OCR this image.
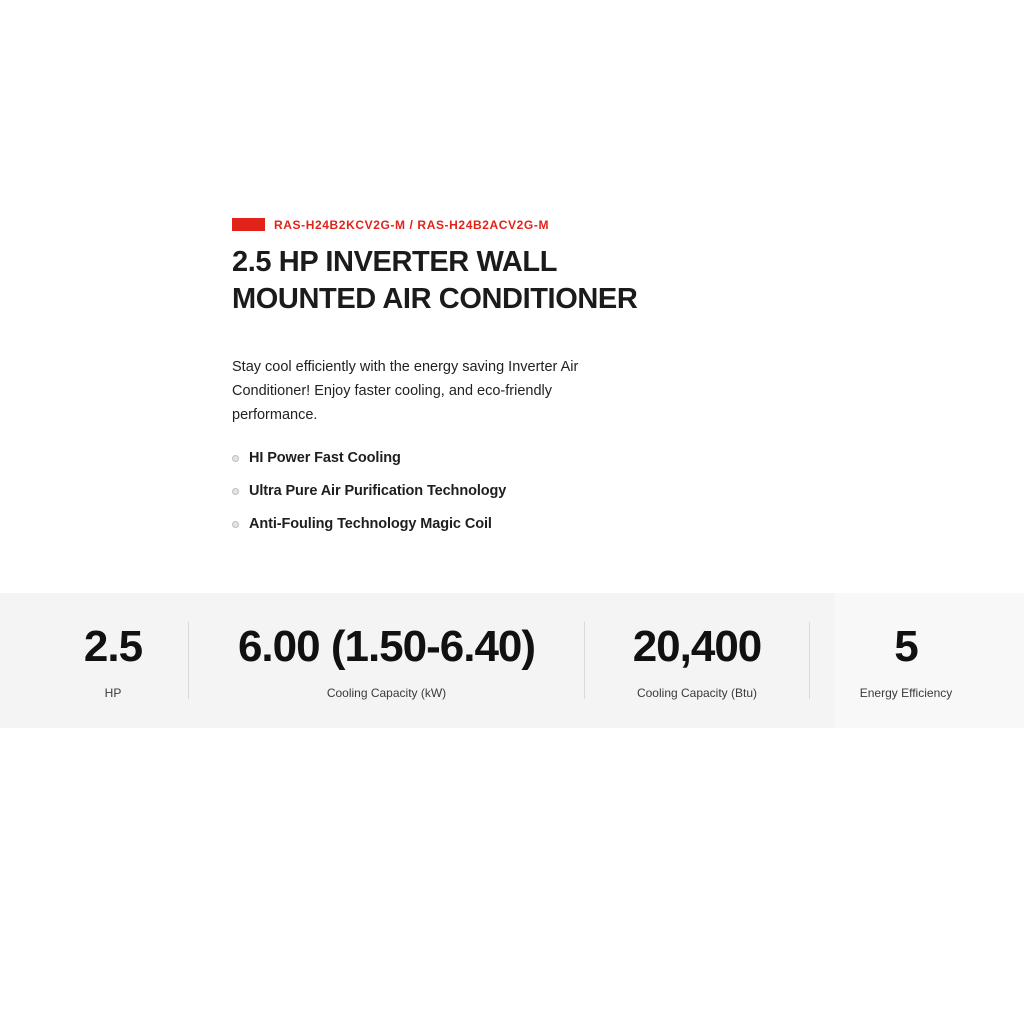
RAS-H24B2KCV2G-M / RAS-H24B2ACV2G-M
2.5 HP INVERTER WALL MOUNTED AIR CONDITIONER

Stay cool efficiently with the energy saving Inverter Air Conditioner! Enjoy faster cooling, and eco-friendly performance.

HI Power Fast Cooling
Ultra Pure Air Purification Technology
Anti-Fouling Technology Magic Coil
2.5
HP
6.00 (1.50-6.40)
Cooling Capacity (kW)
20,400
Cooling Capacity (Btu)
5
Energy Efficiency
